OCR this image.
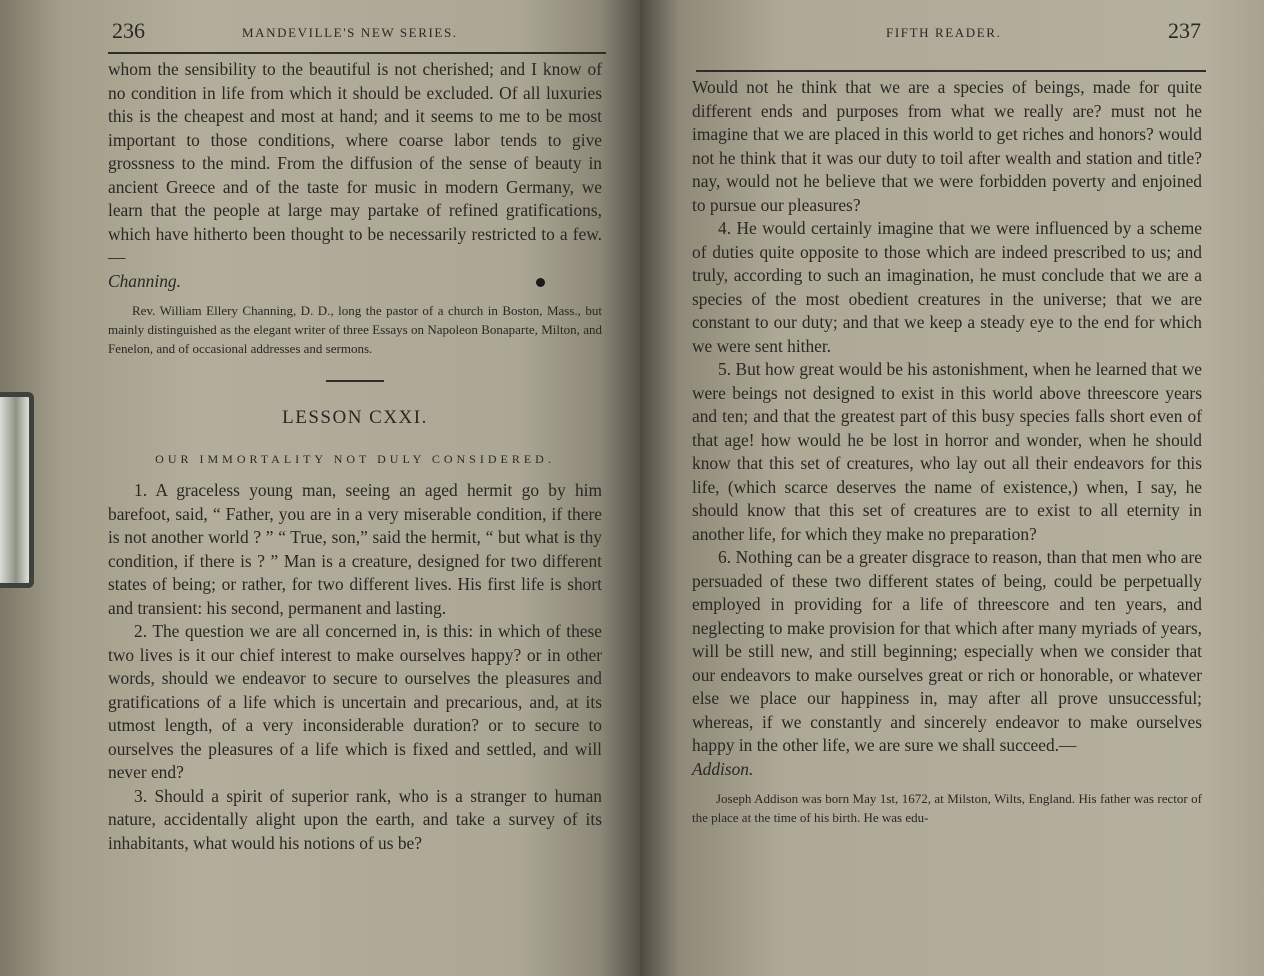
236	MANDEVILLE'S NEW SERIES.

whom the sensibility to the beautiful is not cherished; and I know of no condition in life from which it should be excluded. Of all luxuries this is the cheapest and most at hand; and it seems to me to be most important to those conditions, where coarse labor tends to give grossness to the mind. From the diffusion of the sense of beauty in ancient Greece and of the taste for music in modern Germany, we learn that the people at large may partake of refined gratifications, which have hitherto been thought to be necessarily restricted to a few.—

Channing.

Rev. William Ellery Channing, D. D., long the pastor of a church in Boston, Mass., but mainly distinguished as the elegant writer of three Essays on Napoleon Bonaparte, Milton, and Fenelon, and of occasional addresses and sermons.

LESSON CXXI.

OUR IMMORTALITY NOT DULY CONSIDERED.

1. A graceless young man, seeing an aged hermit go by him barefoot, said, “ Father, you are in a very miserable condition, if there is not another world ? ” “ True, son,” said the hermit, “ but what is thy condition, if there is ? ” Man is a creature, designed for two different states of being; or rather, for two different lives. His first life is short and transient: his second, permanent and lasting.

2. The question we are all concerned in, is this: in which of these two lives is it our chief interest to make ourselves happy? or in other words, should we endeavor to secure to ourselves the pleasures and gratifications of a life which is uncertain and precarious, and, at its utmost length, of a very inconsiderable duration? or to secure to ourselves the pleasures of a life which is fixed and settled, and will never end?

3. Should a spirit of superior rank, who is a stranger to human nature, accidentally alight upon the earth, and take a survey of its inhabitants, what would his notions of us be?

FIFTH READER.	237

Would not he think that we are a species of beings, made for quite different ends and purposes from what we really are? must not he imagine that we are placed in this world to get riches and honors? would not he think that it was our duty to toil after wealth and station and title? nay, would not he believe that we were forbidden poverty and enjoined to pursue our pleasures?

4. He would certainly imagine that we were influenced by a scheme of duties quite opposite to those which are indeed prescribed to us; and truly, according to such an imagination, he must conclude that we are a species of the most obedient creatures in the universe; that we are constant to our duty; and that we keep a steady eye to the end for which we were sent hither.

5. But how great would be his astonishment, when he learned that we were beings not designed to exist in this world above threescore years and ten; and that the greatest part of this busy species falls short even of that age! how would he be lost in horror and wonder, when he should know that this set of creatures, who lay out all their endeavors for this life, (which scarce deserves the name of existence,) when, I say, he should know that this set of creatures are to exist to all eternity in another life, for which they make no preparation?

6. Nothing can be a greater disgrace to reason, than that men who are persuaded of these two different states of being, could be perpetually employed in providing for a life of threescore and ten years, and neglecting to make provision for that which after many myriads of years, will be still new, and still beginning; especially when we consider that our endeavors to make ourselves great or rich or honorable, or whatever else we place our happiness in, may after all prove unsuccessful; whereas, if we constantly and sincerely endeavor to make ourselves happy in the other life, we are sure we shall succeed.—

Addison.

Joseph Addison was born May 1st, 1672, at Milston, Wilts, England. His father was rector of the place at the time of his birth. He was edu-
